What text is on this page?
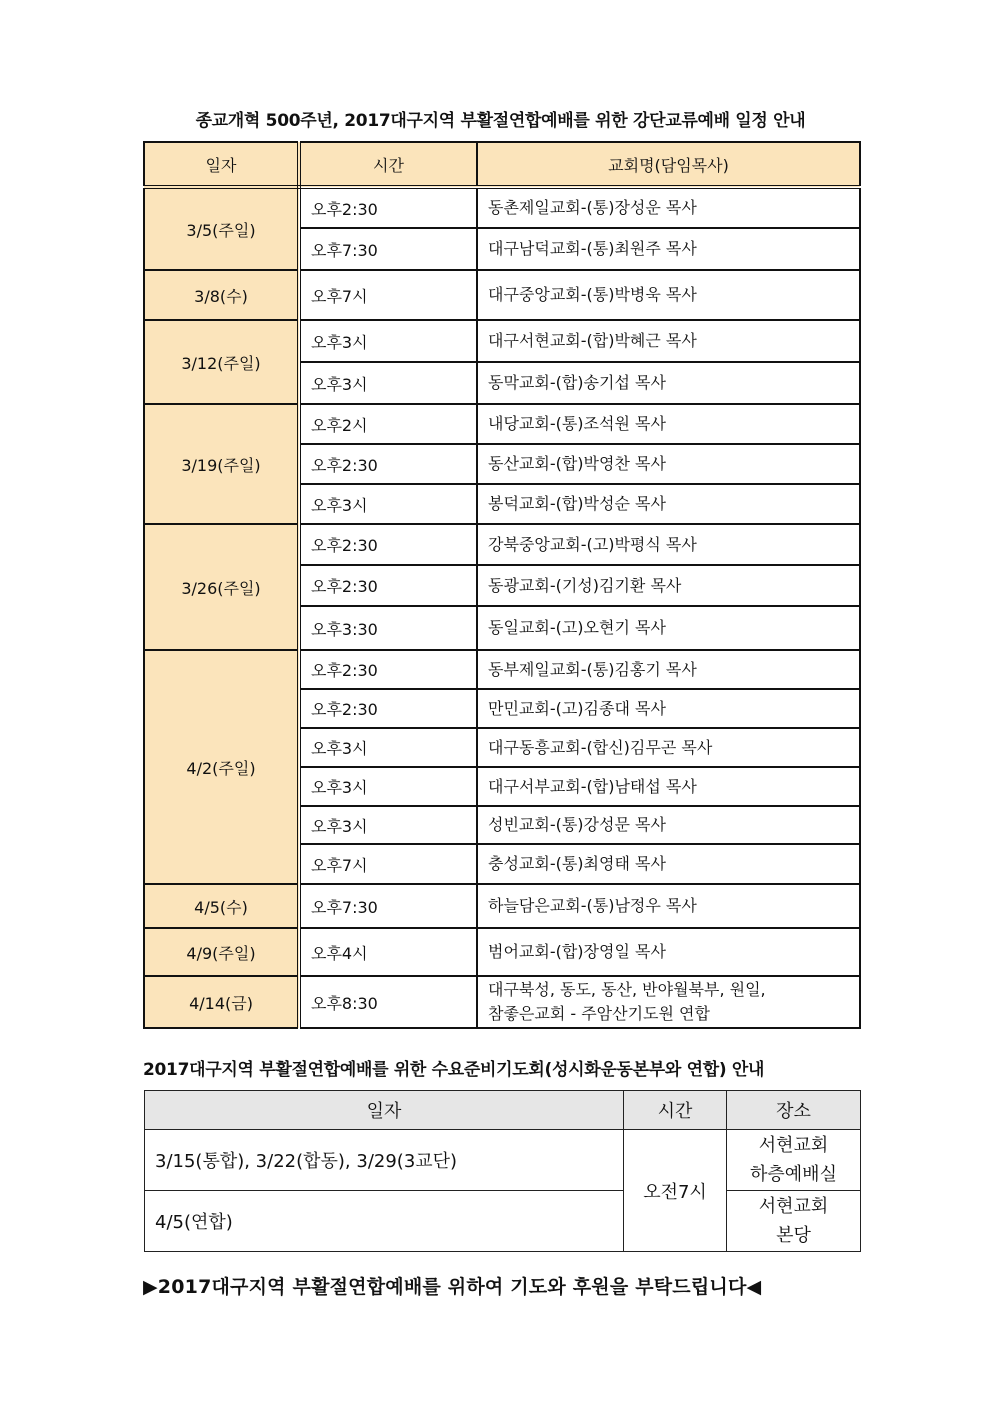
종교개혁 500주년, 2017대구지역 부활절연합예배를 위한 강단교류예배 일정 안내
일자	시간	교회명(담임목사)
3/5(주일)	오후2:30	동촌제일교회-(통)장성운 목사
	오후7:30	대구남덕교회-(통)최원주 목사
3/8(수)	오후7시	대구중앙교회-(통)박병욱 목사
3/12(주일)	오후3시	대구서현교회-(합)박혜근 목사
	오후3시	동막교회-(합)송기섭 목사
3/19(주일)	오후2시	내당교회-(통)조석원 목사
	오후2:30	동산교회-(합)박영찬 목사
	오후3시	봉덕교회-(합)박성순 목사
3/26(주일)	오후2:30	강북중앙교회-(고)박평식 목사
	오후2:30	동광교회-(기성)김기환 목사
	오후3:30	동일교회-(고)오현기 목사
4/2(주일)	오후2:30	동부제일교회-(통)김홍기 목사
	오후2:30	만민교회-(고)김종대 목사
	오후3시	대구동흥교회-(합신)김무곤 목사
	오후3시	대구서부교회-(합)남태섭 목사
	오후3시	성빈교회-(통)강성문 목사
	오후7시	충성교회-(통)최영태 목사
4/5(수)	오후7:30	하늘담은교회-(통)남정우 목사
4/9(주일)	오후4시	범어교회-(합)장영일 목사
4/14(금)	오후8:30	대구북성, 동도, 동산, 반야월북부, 원일,
참좋은교회 - 주암산기도원 연합
2017대구지역 부활절연합예배를 위한 수요준비기도회(성시화운동본부와 연합) 안내
일자	시간	장소
3/15(통합), 3/22(합동), 3/29(3교단)	오전7시	서현교회
하층예배실

4/5(연합)		서현교회
본당
▶2017대구지역 부활절연합예배를 위하여 기도와 후원을 부탁드립니다◀
